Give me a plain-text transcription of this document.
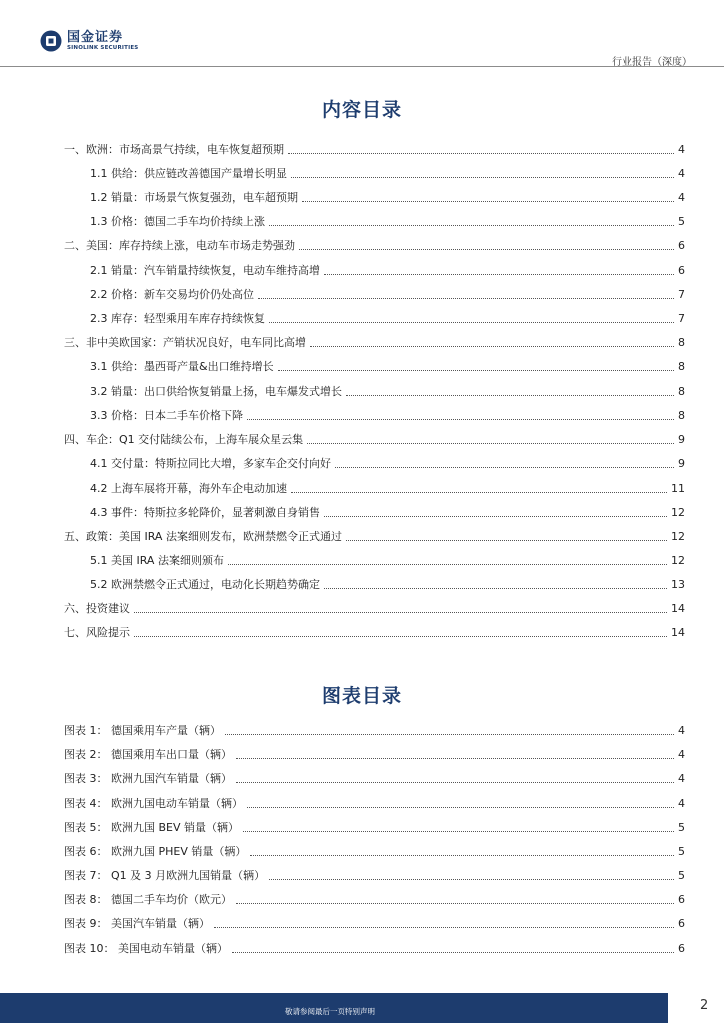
国金证券
SINOLINK SECURITIES
行业报告（深度）
内容目录
一、欧洲：市场高景气持续，电车恢复超预期	4
1.1 供给：供应链改善德国产量增长明显	4
1.2 销量：市场景气恢复强劲，电车超预期	4
1.3 价格：德国二手车均价持续上涨	5
二、美国：库存持续上涨，电动车市场走势强劲	6
2.1 销量：汽车销量持续恢复，电动车维持高增	6
2.2 价格：新车交易均价仍处高位	7
2.3 库存：轻型乘用车库存持续恢复	7
三、非中美欧国家：产销状况良好，电车同比高增	8
3.1 供给：墨西哥产量&出口维持增长	8
3.2 销量：出口供给恢复销量上扬，电车爆发式增长	8
3.3 价格：日本二手车价格下降	8
四、车企：Q1 交付陆续公布，上海车展众星云集	9
4.1 交付量：特斯拉同比大增，多家车企交付向好	9
4.2 上海车展将开幕，海外车企电动加速	11
4.3 事件：特斯拉多轮降价，显著刺激自身销售	12
五、政策：美国 IRA 法案细则发布，欧洲禁燃令正式通过	12
5.1 美国 IRA 法案细则颁布	12
5.2 欧洲禁燃令正式通过，电动化长期趋势确定	13
六、投资建议	14
七、风险提示	14
图表目录
图表 1： 德国乘用车产量（辆）	4
图表 2： 德国乘用车出口量（辆）	4
图表 3： 欧洲九国汽车销量（辆）	4
图表 4： 欧洲九国电动车销量（辆）	4
图表 5： 欧洲九国 BEV 销量（辆）	5
图表 6： 欧洲九国 PHEV 销量（辆）	5
图表 7： Q1 及 3 月欧洲九国销量（辆）	5
图表 8： 德国二手车均价（欧元）	6
图表 9： 美国汽车销量（辆）	6
图表 10： 美国电动车销量（辆）	6
敬请参阅最后一页特别声明	2
